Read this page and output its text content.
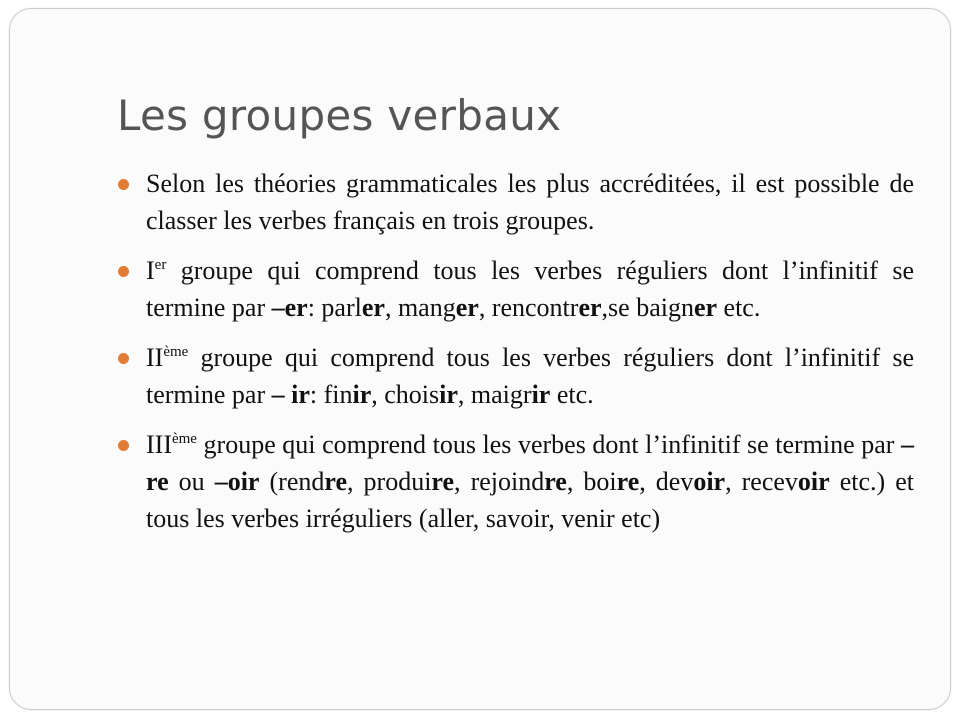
Les groupes verbaux
Selon les théories grammaticales les plus accréditées, il est possible de classer les verbes français en trois groupes.
Ier groupe qui comprend tous les verbes réguliers dont l’infinitif se termine par –er: parler, manger, rencontrer,se baigner etc.
IIème groupe qui comprend tous les verbes réguliers dont l’infinitif se termine par – ir: finir, choisir, maigrir etc.
IIIème groupe qui comprend tous les verbes dont l’infinitif se termine par –re ou –oir (rendre, produire, rejoindre, boire, devoir, recevoir etc.) et tous les verbes irréguliers (aller, savoir, venir etc)
